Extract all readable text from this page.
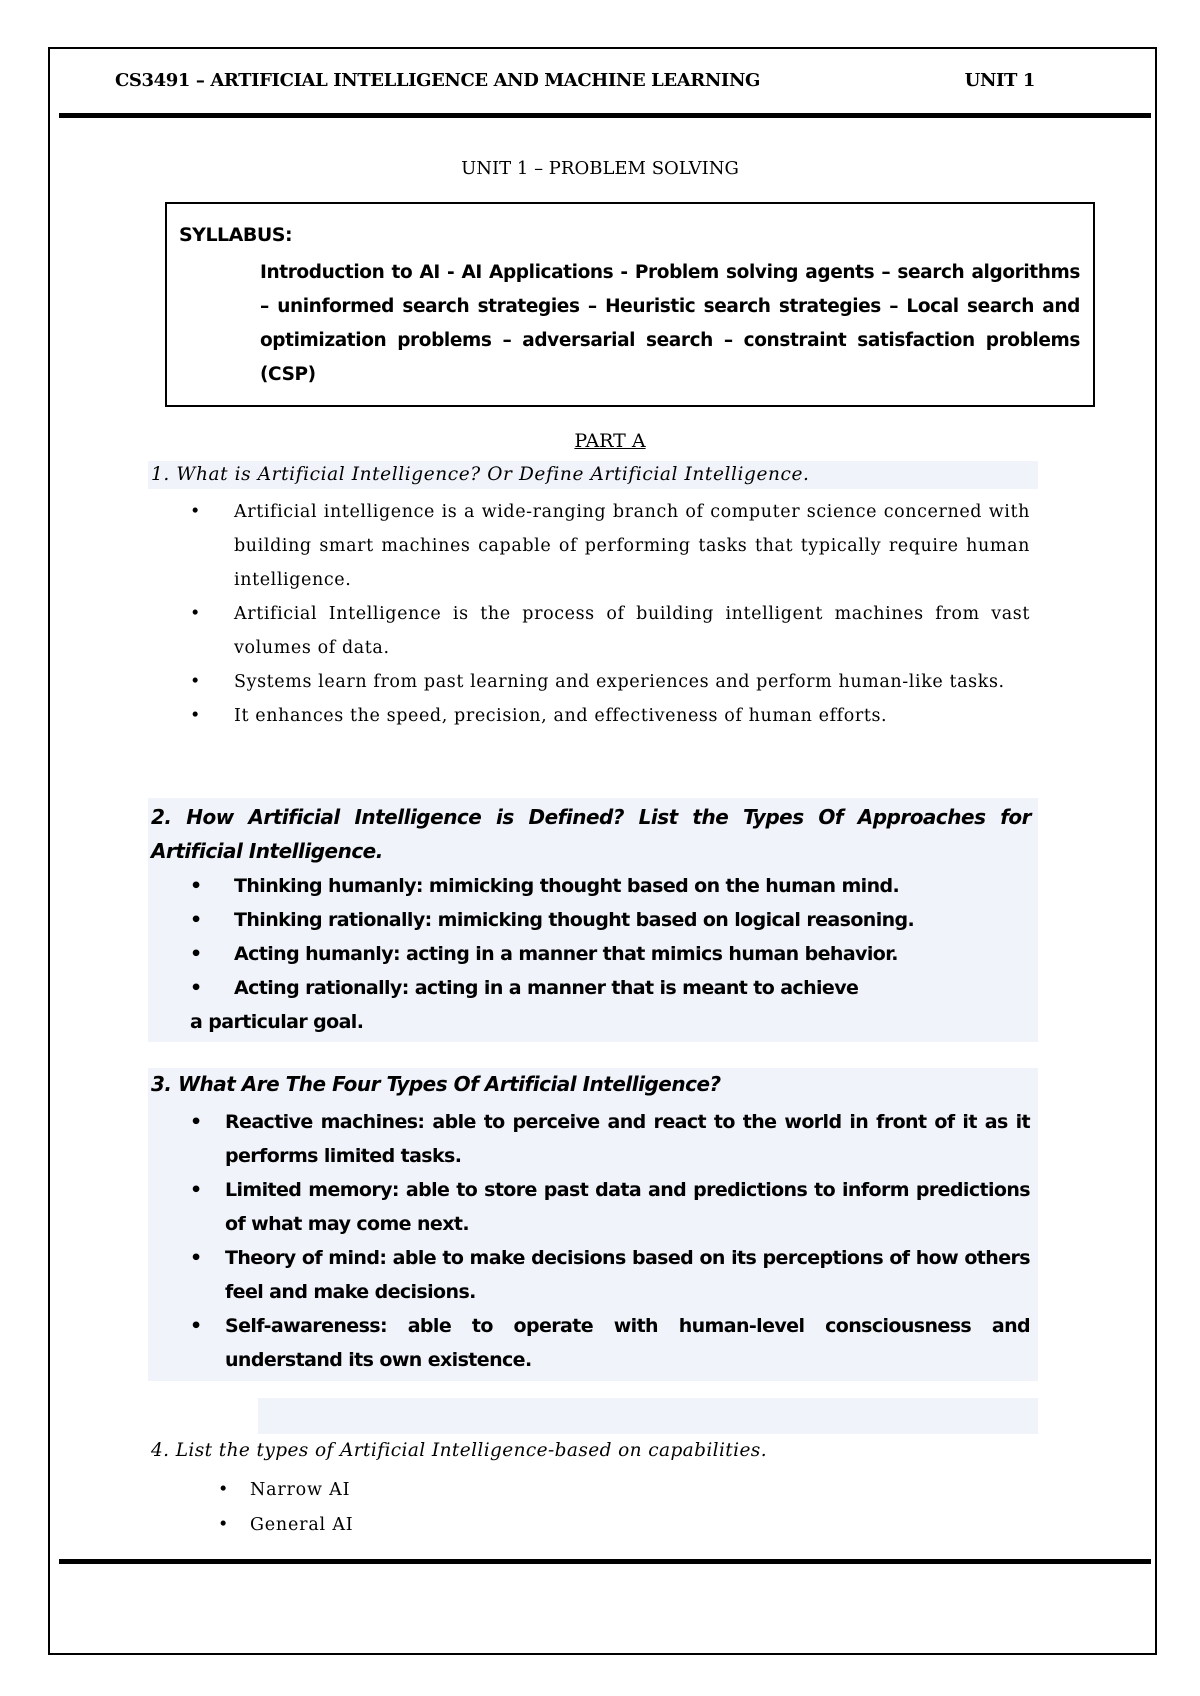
CS3491 – ARTIFICIAL INTELLIGENCE AND MACHINE LEARNING	UNIT 1
UNIT 1 – PROBLEM SOLVING
SYLLABUS:
Introduction to AI - AI Applications - Problem solving agents – search algorithms – uninformed search strategies – Heuristic search strategies – Local search and optimization problems – adversarial search – constraint satisfaction problems (CSP)
PART A
1. What is Artificial Intelligence? Or Define Artificial Intelligence.
• Artificial intelligence is a wide-ranging branch of computer science concerned with building smart machines capable of performing tasks that typically require human intelligence.
• Artificial Intelligence is the process of building intelligent machines from vast volumes of data.
• Systems learn from past learning and experiences and perform human-like tasks.
• It enhances the speed, precision, and effectiveness of human efforts.
2. How Artificial Intelligence is Defined? List the Types Of Approaches for Artificial Intelligence.
• Thinking humanly: mimicking thought based on the human mind.
• Thinking rationally: mimicking thought based on logical reasoning.
• Acting humanly: acting in a manner that mimics human behavior.
• Acting rationally: acting in a manner that is meant to achieve a particular goal.
3. What Are The Four Types Of Artificial Intelligence?
• Reactive machines: able to perceive and react to the world in front of it as it performs limited tasks.
• Limited memory: able to store past data and predictions to inform predictions of what may come next.
• Theory of mind: able to make decisions based on its perceptions of how others feel and make decisions.
• Self-awareness: able to operate with human-level consciousness and understand its own existence.
4. List the types of Artificial Intelligence-based on capabilities.
• Narrow AI
• General AI
